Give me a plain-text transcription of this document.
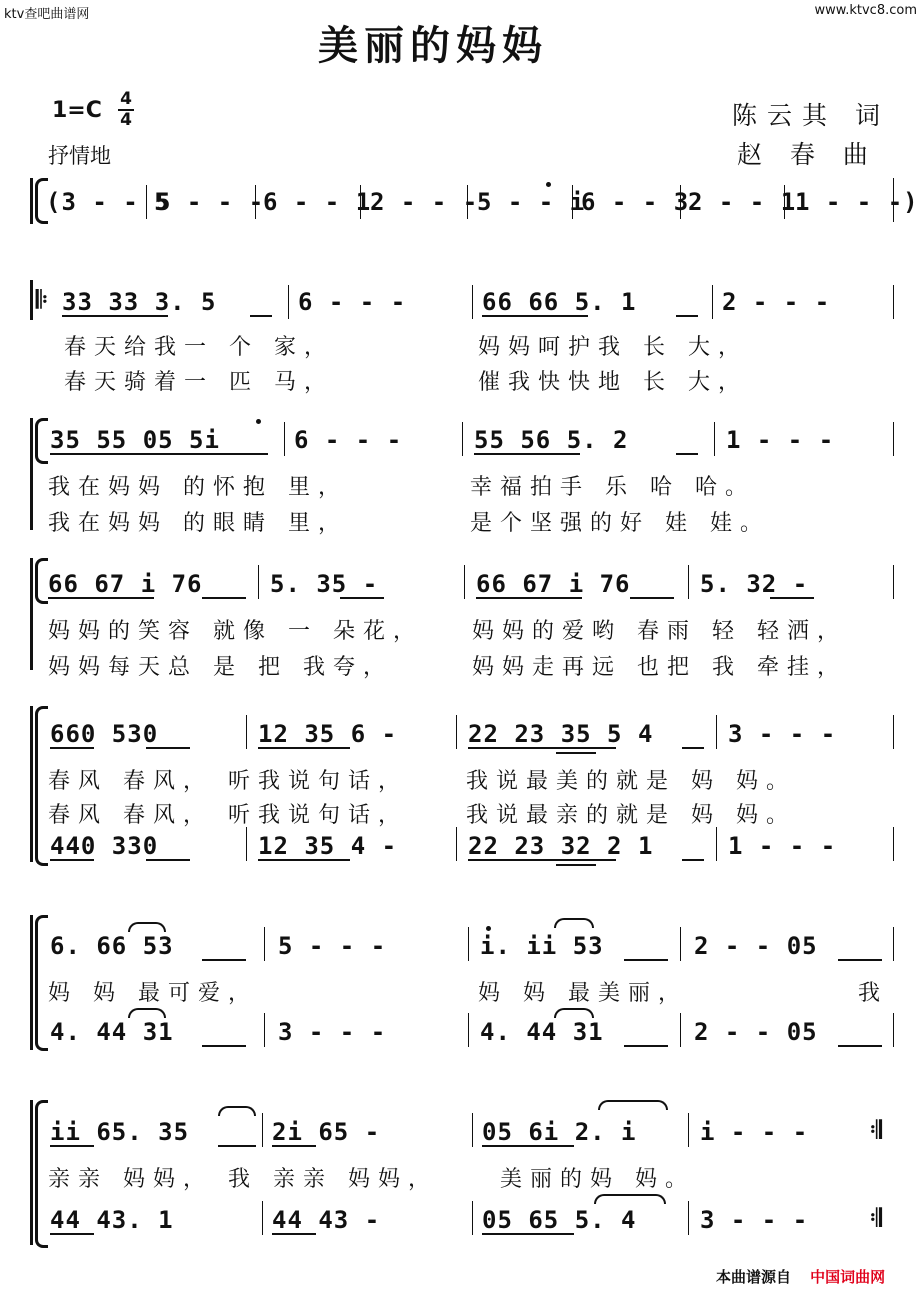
ktv查吧曲谱网	www.ktvc8.com
美丽的妈妈
1=C 4
4
抒情地
陈云其 词
赵 春 曲
(3 - - 5
5 - - -
6 - - 1
2 - - -
5 - - i
6 - - 3
2 - - 1
1 - - -)
𝄆 33 33 3. 5	6 - - -	66 66 5. 1	2 - - -
春天给我一 个 家，	妈妈呵护我 长 大，
春天骑着一 匹 马，	催我快快地 长 大，
35 55 05 5i	6 - - -	55 56 5. 2	1 - - -
我在妈妈 的怀抱 里，	幸福拍手 乐 哈 哈。
我在妈妈 的眼睛 里，	是个坚强的好 娃 娃。
66 67 i 76	5. 35 -	66 67 i 76	5. 32 -
妈妈的笑容 就像 一 朵花， 妈妈的爱哟 春雨 轻 轻洒，
妈妈每天总 是 把 我夸，	妈妈走再远 也把 我 牵挂，
660 530	12 35 6 -	22 23 35 5 4	3 - - -
春风 春风， 听我说句话，	我说最美的就是 妈 妈。
春风 春风， 听我说句话，	我说最亲的就是 妈 妈。
440 330	12 35 4 -	22 23 32 2 1	1 - - -
6. 66 53	5 - - -	i. ii 53	2 - - 05
妈 妈 最可爱，	妈 妈 最美丽，	我
4. 44 31	3 - - -	4. 44 31	2 - - 05
ii 65. 35	2i 65 -	05 6i 2. i	i - - -	𝄇
亲亲 妈妈， 我 亲亲 妈妈，	美丽的妈 妈。
44 43. 1	44 43 -	05 65 5. 4	3 - - -	𝄇
本曲谱源自 中国词曲网
